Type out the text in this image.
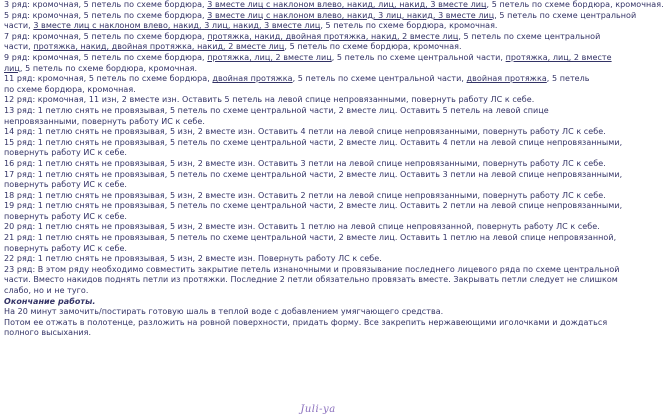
3 ряд: кромочная, 5 петель по схеме бордюра, 3 вместе лиц с наклоном влево, накид, лиц, накид, 3 вместе лиц, 5 петель по схеме бордюра, кромочная.
5 ряд: кромочная, 5 петель по схеме бордюра, 3 вместе лиц с наклоном влево, накид, 3 лиц, накид, 3 вместе лиц, 5 петель по схеме центральной
части, 3 вместе лиц с наклоном влево, накид, 3 лиц, накид, 3 вместе лиц, 5 петель по схеме бордюра, кромочная.
7 ряд: кромочная, 5 петель по схеме бордюра, протяжка, накид, двойная протяжка, накид, 2 вместе лиц, 5 петель по схеме центральной
части, протяжка, накид, двойная протяжка, накид, 2 вместе лиц, 5 петель по схеме бордюра, кромочная.
9 ряд: кромочная, 5 петель по схеме бордюра, протяжка, лиц, 2 вместе лиц, 5 петель по схеме центральной части, протяжка, лиц, 2 вместе
лиц, 5 петель по схеме бордюра, кромочная.
11 ряд: кромочная, 5 петель по схеме бордюра, двойная протяжка, 5 петель по схеме центральной части, двойная протяжка, 5 петель
по схеме бордюра, кромочная.
12 ряд: кромочная, 11 изн, 2 вместе изн. Оставить 5 петель на левой спице непровязанными, повернуть работу ЛС к себе.
13 ряд: 1 петлю снять не провязывая, 5 петель по схеме центральной части, 2 вместе лиц. Оставить 5 петель на левой спице
непровязанными, повернуть работу ИС к себе.
14 ряд: 1 петлю снять не провязывая, 5 изн, 2 вместе изн. Оставить 4 петли на левой спице непровязанными, повернуть работу ЛС к себе.
15 ряд: 1 петлю снять не провязывая, 5 петель по схеме центральной части, 2 вместе лиц. Оставить 4 петли на левой спице непровязанными,
повернуть работу ИС к себе.
16 ряд: 1 петлю снять не провязывая, 5 изн, 2 вместе изн. Оставить 3 петли на левой спице непровязанными, повернуть работу ЛС к себе.
17 ряд: 1 петлю снять не провязывая, 5 петель по схеме центральной части, 2 вместе лиц. Оставить 3 петли на левой спице непровязанными,
повернуть работу ИС к себе.
18 ряд: 1 петлю снять не провязывая, 5 изн, 2 вместе изн. Оставить 2 петли на левой спице непровязанными, повернуть работу ЛС к себе.
19 ряд: 1 петлю снять не провязывая, 5 петель по схеме центральной части, 2 вместе лиц. Оставить 2 петли на левой спице непровязанными,
повернуть работу ИС к себе.
20 ряд: 1 петлю снять не провязывая, 5 изн, 2 вместе изн. Оставить 1 петлю на левой спице непровязанной, повернуть работу ЛС к себе.
21 ряд: 1 петлю снять не провязывая, 5 петель по схеме центральной части, 2 вместе лиц. Оставить 1 петлю на левой спице непровязанной,
повернуть работу ИС к себе.
22 ряд: 1 петлю снять не провязывая, 5 изн, 2 вместе изн. Повернуть работу ЛС к себе.
23 ряд: В этом ряду необходимо совместить закрытие петель изнаночными и провязывание последнего лицевого ряда по схеме центральной
части. Вместо накидов поднять петли из протяжки. Последние 2 петли обязательно провязать вместе. Закрывать петли следует не слишком
слабо, но и не туго.
Окончание работы.
На 20 минут замочить/постирать готовую шаль в теплой воде с добавлением умягчающего средства.
Потом ее отжать в полотенце, разложить на ровной поверхности, придать форму. Все закрепить нержавеющими иголочками и дождаться
полного высыхания.
Juli-ya
